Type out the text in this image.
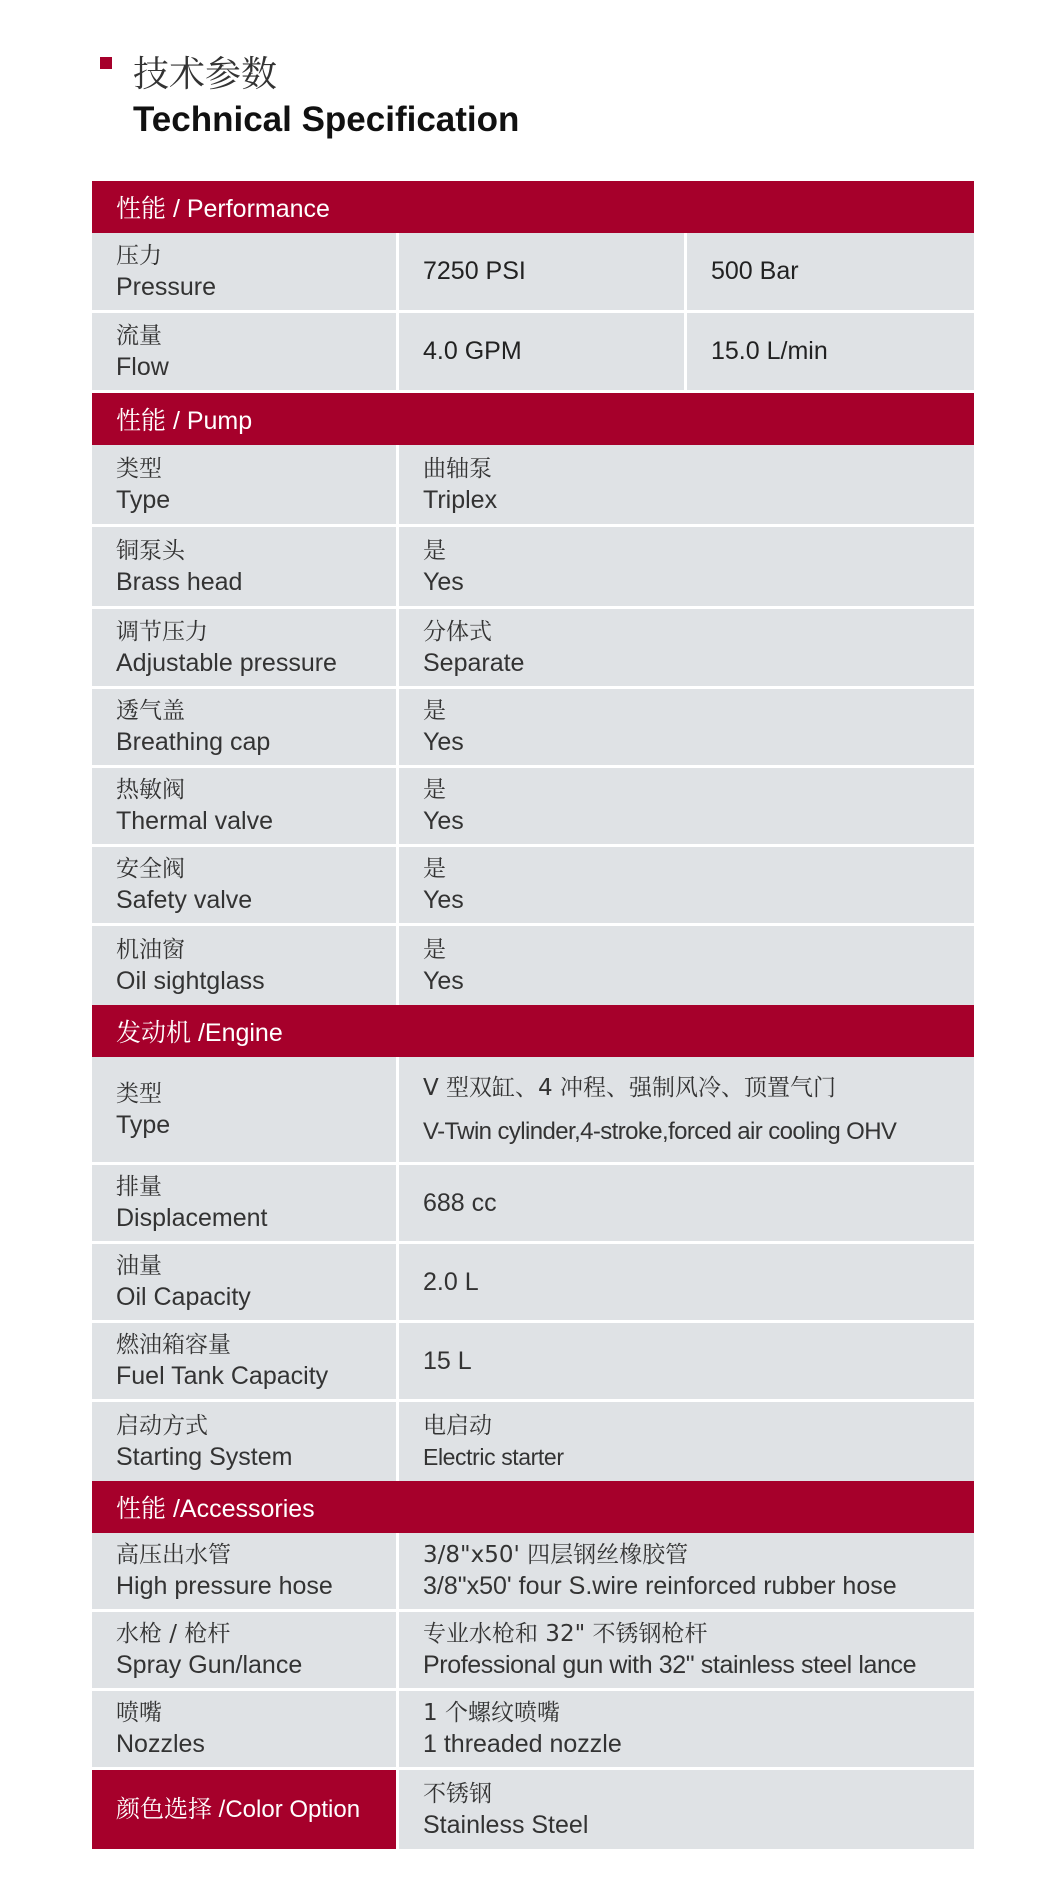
技术参数
Technical Specification
性能 / Performance
压力
Pressure
7250 PSI	500 Bar
流量
Flow
4.0 GPM	15.0 L/min
性能 / Pump
类型
Type
曲轴泵
Triplex
铜泵头
Brass head
是
Yes
调节压力
Adjustable pressure
分体式
Separate
透气盖
Breathing cap
是
Yes
热敏阀
Thermal valve
是
Yes
安全阀
Safety valve
是
Yes
机油窗
Oil sightglass
是
Yes
发动机 /Engine
类型
Type
V 型双缸、4 冲程、强制风冷、顶置气门
V-Twin cylinder,4-stroke,forced air cooling OHV
排量
Displacement
688 cc
油量
Oil Capacity
2.0 L
燃油箱容量
Fuel Tank Capacity
15 L
启动方式
Starting System
电启动
Electric starter
性能 /Accessories
高压出水管
High pressure hose
3/8"x50' 四层钢丝橡胶管
3/8"x50' four S.wire reinforced rubber hose
水枪 / 枪杆
Spray Gun/lance
专业水枪和 32" 不锈钢枪杆
Professional gun with 32" stainless steel lance
喷嘴
Nozzles
1 个螺纹喷嘴
1 threaded nozzle
颜色选择 /Color Option
不锈钢
Stainless Steel
